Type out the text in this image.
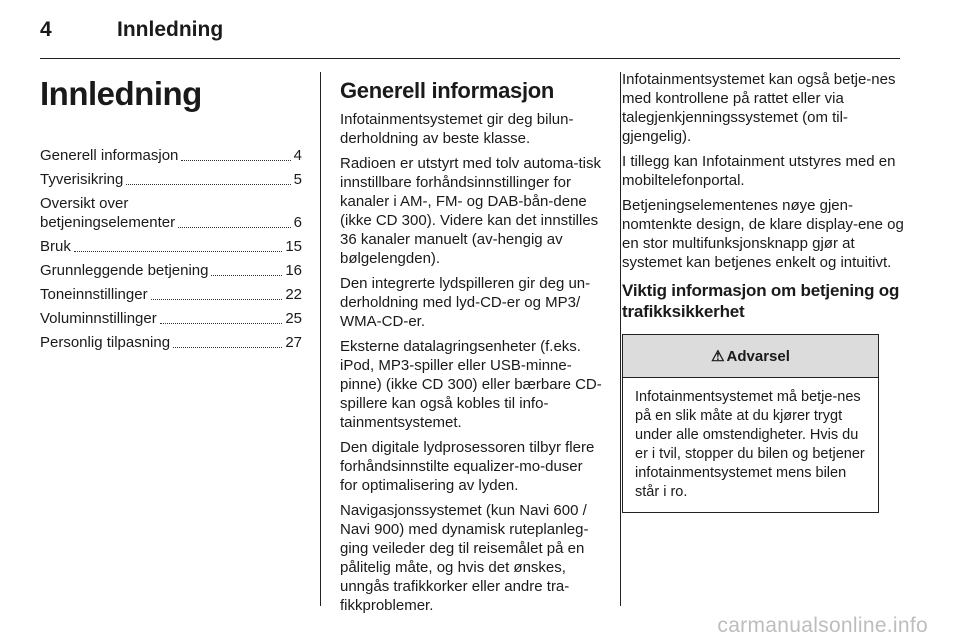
4	Innledning
Innledning
Generell informasjon	4
Tyverisikring	5
Oversikt over
betjeningselementer	6
Bruk	15
Grunnleggende betjening	16
Toneinnstillinger	22
Voluminnstillinger	25
Personlig tilpasning	27
Generell informasjon

Infotainmentsystemet gir deg bilun-derholdning av beste klasse.

Radioen er utstyrt med tolv automa-tisk innstillbare forhåndsinnstillinger for kanaler i AM-, FM- og DAB-bån-dene (ikke CD 300). Videre kan det innstilles 36 kanaler manuelt (av-hengig av bølgelengden).

Den integrerte lydspilleren gir deg un-derholdning med lyd-CD-er og MP3/ WMA-CD-er.

Eksterne datalagringsenheter (f.eks. iPod, MP3-spiller eller USB-minne-pinne) (ikke CD 300) eller bærbare CD-spillere kan også kobles til info-tainmentsystemet.

Den digitale lydprosessoren tilbyr flere forhåndsinnstilte equalizer-mo-duser for optimalisering av lyden.

Navigasjonssystemet (kun Navi 600 / Navi 900) med dynamisk ruteplanleg-ging veileder deg til reisemålet på en pålitelig måte, og hvis det ønskes, unngås trafikkorker eller andre tra-fikkproblemer.

Infotainmentsystemet kan også betje-nes med kontrollene på rattet eller via talegjenkjenningssystemet (om til-gjengelig).

I tillegg kan Infotainment utstyres med en mobiltelefonportal.

Betjeningselementenes nøye gjen-nomtenkte design, de klare display-ene og en stor multifunksjonsknapp gjør at systemet kan betjenes enkelt og intuitivt.

Viktig informasjon om betjening og trafikksikkerhet
⚠ Advarsel
Infotainmentsystemet må betje-nes på en slik måte at du kjører trygt under alle omstendigheter. Hvis du er i tvil, stopper du bilen og betjener infotainmentsystemet mens bilen står i ro.
carmanualsonline.info
